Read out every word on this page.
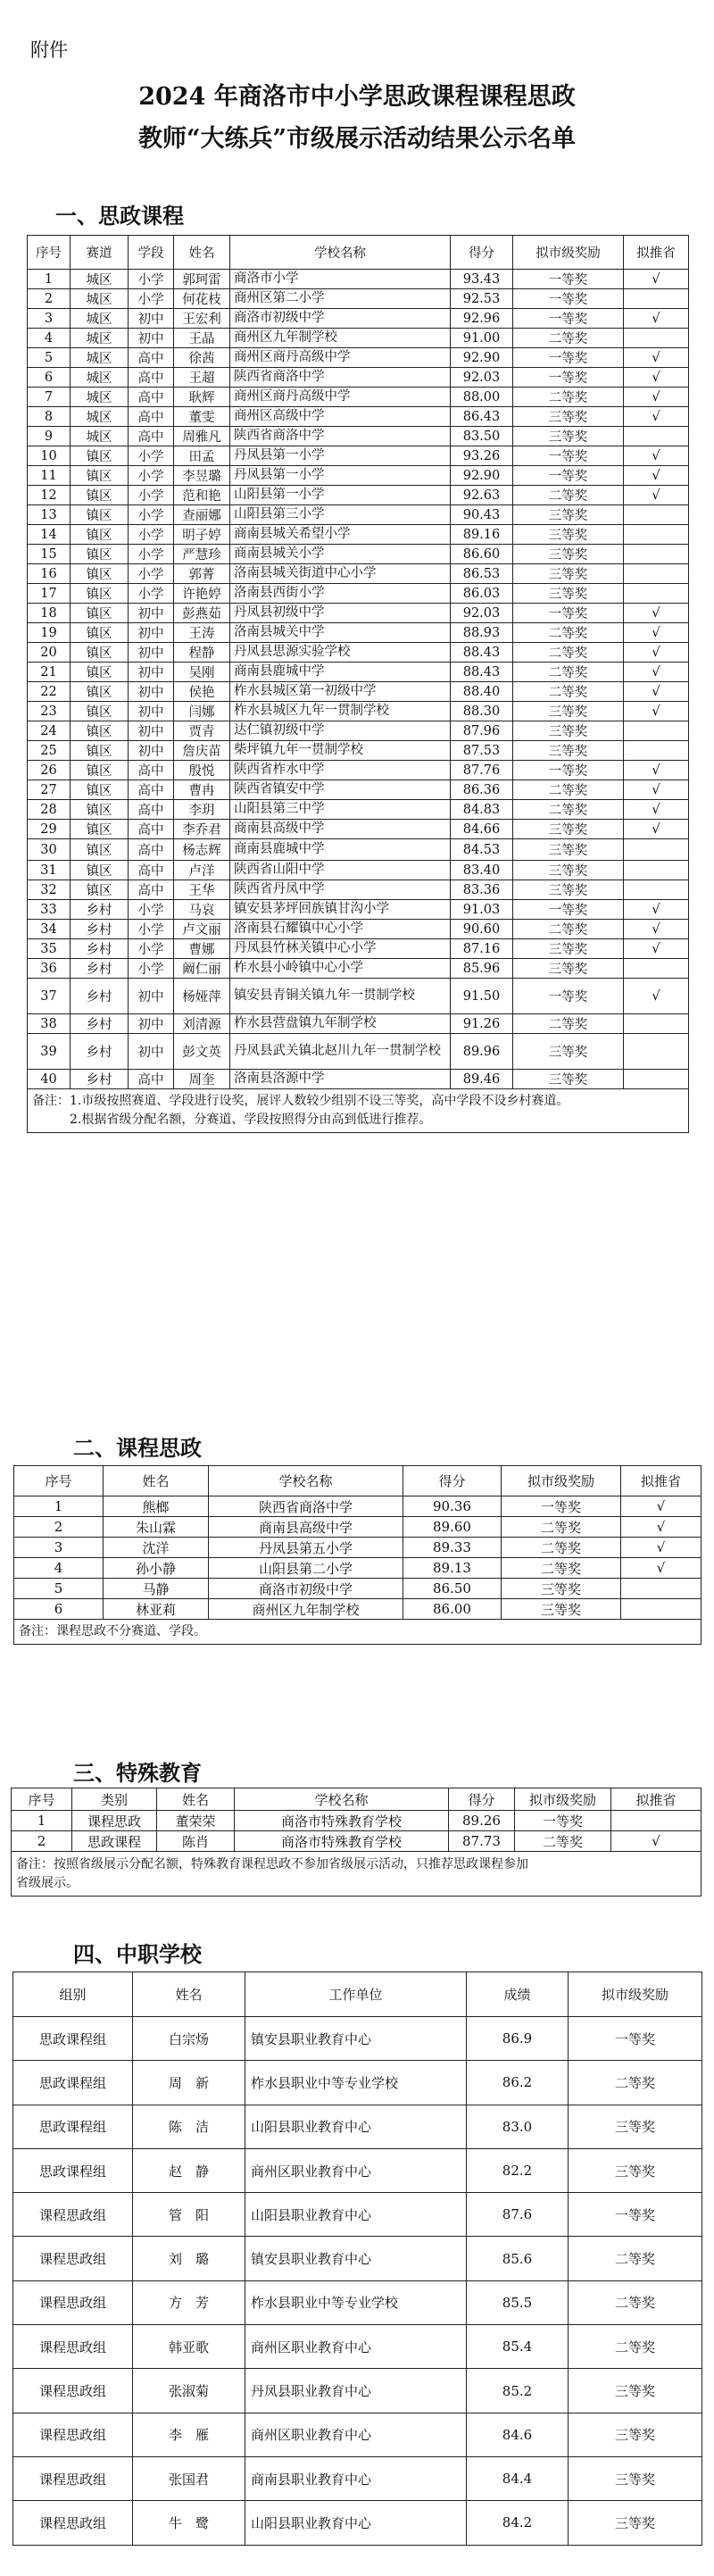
附件
2024 年商洛市中小学思政课程课程思政
教师“大练兵”市级展示活动结果公示名单
一、思政课程
序号	赛道	学段	姓名	学校名称	得分	拟市级奖励	拟推省
1	城区	小学	郭珂雷	商洛市小学	93.43	一等奖	√
2	城区	小学	何花枝	商州区第二小学	92.53	一等奖	
3	城区	初中	王宏利	商洛市初级中学	92.96	一等奖	√
4	城区	初中	王晶	商州区九年制学校	91.00	二等奖	
5	城区	高中	徐茜	商州区商丹高级中学	92.90	一等奖	√
6	城区	高中	王超	陕西省商洛中学	92.03	一等奖	√
7	城区	高中	耿辉	商州区商丹高级中学	88.00	二等奖	√
8	城区	高中	董雯	商州区高级中学	86.43	三等奖	√
9	城区	高中	周雅凡	陕西省商洛中学	83.50	三等奖	
10	镇区	小学	田孟	丹凤县第一小学	93.26	一等奖	√
11	镇区	小学	李昱璐	丹凤县第一小学	92.90	一等奖	√
12	镇区	小学	范和艳	山阳县第一小学	92.63	二等奖	√
13	镇区	小学	查丽娜	山阳县第三小学	90.43	三等奖	
14	镇区	小学	明子婷	商南县城关希望小学	89.16	三等奖	
15	镇区	小学	严慧珍	商南县城关小学	86.60	三等奖	
16	镇区	小学	郭菁	洛南县城关街道中心小学	86.53	三等奖	
17	镇区	小学	许艳婷	洛南县西街小学	86.03	三等奖	
18	镇区	初中	彭燕茹	丹凤县初级中学	92.03	一等奖	√
19	镇区	初中	王涛	洛南县城关中学	88.93	二等奖	√
20	镇区	初中	程静	丹凤县思源实验学校	88.43	二等奖	√
21	镇区	初中	吴刚	商南县鹿城中学	88.43	二等奖	√
22	镇区	初中	侯艳	柞水县城区第一初级中学	88.40	二等奖	√
23	镇区	初中	闫娜	柞水县城区九年一贯制学校	88.30	三等奖	√
24	镇区	初中	贾青	达仁镇初级中学	87.96	三等奖	
25	镇区	初中	詹庆苗	柴坪镇九年一贯制学校	87.53	三等奖	
26	镇区	高中	殷悦	陕西省柞水中学	87.76	一等奖	√
27	镇区	高中	曹冉	陕西省镇安中学	86.36	二等奖	√
28	镇区	高中	李玥	山阳县第三中学	84.83	二等奖	√
29	镇区	高中	李乔君	商南县高级中学	84.66	三等奖	√
30	镇区	高中	杨志辉	商南县鹿城中学	84.53	三等奖	
31	镇区	高中	卢洋	陕西省山阳中学	83.40	三等奖	
32	镇区	高中	王华	陕西省丹凤中学	83.36	三等奖	
33	乡村	小学	马哀	镇安县茅坪回族镇甘沟小学	91.03	一等奖	√
34	乡村	小学	卢文丽	洛南县石耀镇中心小学	90.60	二等奖	√
35	乡村	小学	曹娜	丹凤县竹林关镇中心小学	87.16	三等奖	√
36	乡村	小学	阚仁丽	柞水县小岭镇中心小学	85.96	三等奖	
37	乡村	初中	杨娅萍	镇安县青铜关镇九年一贯制学校	91.50	一等奖	√
38	乡村	初中	刘清源	柞水县营盘镇九年制学校	91.26	二等奖	
39	乡村	初中	彭文英	丹凤县武关镇北赵川九年一贯制学校	89.96	三等奖	
40	乡村	高中	周奎	洛南县洛源中学	89.46	三等奖	

备注：1.市级按照赛道、学段进行设奖，展评人数较少组别不设三等奖，高中学段不设乡村赛道。
2.根据省级分配名额，分赛道、学段按照得分由高到低进行推荐。							
二、课程思政
序号	姓名	学校名称	得分	拟市级奖励	拟推省
1	熊榔	陕西省商洛中学	90.36	一等奖	√
2	朱山霖	商南县高级中学	89.60	二等奖	√
3	沈洋	丹凤县第五小学	89.33	二等奖	√
4	孙小静	山阳县第二小学	89.13	二等奖	√
5	马静	商洛市初级中学	86.50	三等奖	
6	林亚莉	商州区九年制学校	86.00	三等奖	
备注：课程思政不分赛道、学段。					
三、特殊教育
序号	类别	姓名	学校名称	得分	拟市级奖励	拟推省
1	课程思政	董荣荣	商洛市特殊教育学校	89.26	一等奖	
2	思政课程	陈肖	商洛市特殊教育学校	87.73	二等奖	√

备注：按照省级展示分配名额，特殊教育课程思政不参加省级展示活动，只推荐思政课程参加
省级展示。						
四、中职学校
组别	姓名	工作单位	成绩	拟市级奖励
思政课程组	白宗炀	镇安县职业教育中心	86.9	一等奖
思政课程组	周　新	柞水县职业中等专业学校	86.2	二等奖
思政课程组	陈　洁	山阳县职业教育中心	83.0	三等奖
思政课程组	赵　静	商州区职业教育中心	82.2	三等奖
课程思政组	管　阳	山阳县职业教育中心	87.6	一等奖
课程思政组	刘　璐	镇安县职业教育中心	85.6	二等奖
课程思政组	方　芳	柞水县职业中等专业学校	85.5	二等奖
课程思政组	韩亚歌	商州区职业教育中心	85.4	二等奖
课程思政组	张淑菊	丹凤县职业教育中心	85.2	三等奖
课程思政组	李　雁	商州区职业教育中心	84.6	三等奖
课程思政组	张国君	商南县职业教育中心	84.4	三等奖
课程思政组	牛　鹭	山阳县职业教育中心	84.2	三等奖
